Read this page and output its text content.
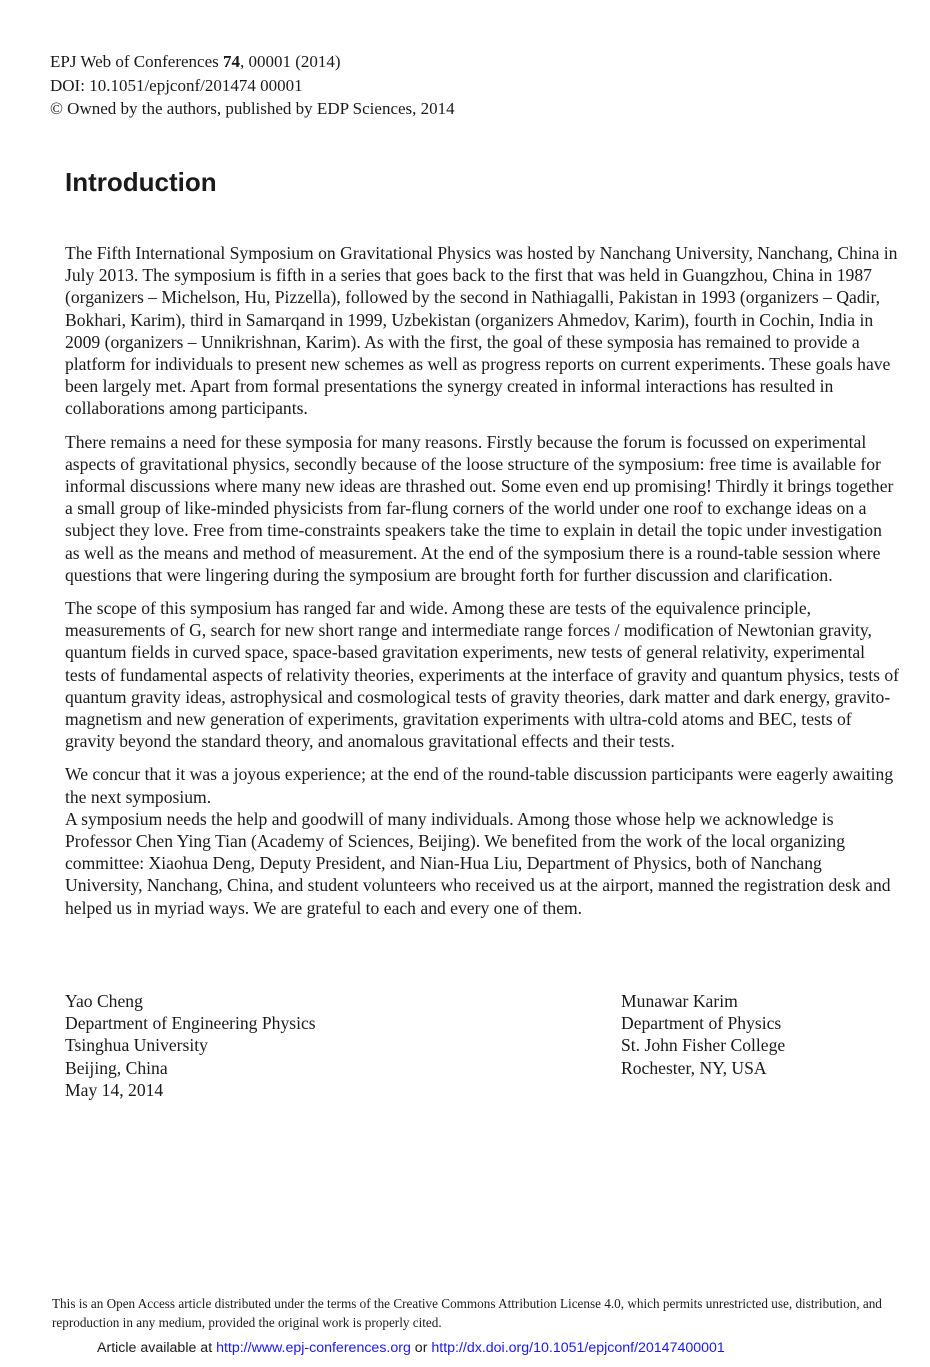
EPJ Web of Conferences 74, 00001 (2014)
DOI: 10.1051/epjconf/201474 00001
© Owned by the authors, published by EDP Sciences, 2014
Introduction

The Fifth International Symposium on Gravitational Physics was hosted by Nanchang University, Nanchang, China in July 2013. The symposium is fifth in a series that goes back to the first that was held in Guangzhou, China in 1987 (organizers – Michelson, Hu, Pizzella), followed by the second in Nathiagalli, Pakistan in 1993 (organizers – Qadir, Bokhari, Karim), third in Samarqand in 1999, Uzbekistan (organizers Ahmedov, Karim), fourth in Cochin, India in 2009 (organizers – Unnikrishnan, Karim). As with the first, the goal of these symposia has remained to provide a platform for individuals to present new schemes as well as progress reports on current experiments. These goals have been largely met. Apart from formal presentations the synergy created in informal interactions has resulted in collaborations among participants.

There remains a need for these symposia for many reasons. Firstly because the forum is focussed on experimental aspects of gravitational physics, secondly because of the loose structure of the symposium: free time is available for informal discussions where many new ideas are thrashed out. Some even end up promising! Thirdly it brings together a small group of like-minded physicists from far-flung corners of the world under one roof to exchange ideas on a subject they love. Free from time-constraints speakers take the time to explain in detail the topic under investigation as well as the means and method of measurement. At the end of the symposium there is a round-table session where questions that were lingering during the symposium are brought forth for further discussion and clarification.

The scope of this symposium has ranged far and wide. Among these are tests of the equivalence principle, measurements of G, search for new short range and intermediate range forces / modification of Newtonian gravity, quantum fields in curved space, space-based gravitation experiments, new tests of general relativity, experimental tests of fundamental aspects of relativity theories, experiments at the interface of gravity and quantum physics, tests of quantum gravity ideas, astrophysical and cosmological tests of gravity theories, dark matter and dark energy, gravito-magnetism and new generation of experiments, gravitation experiments with ultra-cold atoms and BEC, tests of gravity beyond the standard theory, and anomalous gravitational effects and their tests.

We concur that it was a joyous experience; at the end of the round-table discussion participants were eagerly awaiting the next symposium.

A symposium needs the help and goodwill of many individuals. Among those whose help we acknowledge is Professor Chen Ying Tian (Academy of Sciences, Beijing). We benefited from the work of the local organizing committee: Xiaohua Deng, Deputy President, and Nian-Hua Liu, Department of Physics, both of Nanchang University, Nanchang, China, and student volunteers who received us at the airport, manned the registration desk and helped us in myriad ways. We are grateful to each and every one of them.

Yao Cheng
Department of Engineering Physics
Tsinghua University
Beijing, China
May 14, 2014
Munawar Karim
Department of Physics
St. John Fisher College
Rochester, NY, USA
This is an Open Access article distributed under the terms of the Creative Commons Attribution License 4.0, which permits unrestricted use, distribution, and reproduction in any medium, provided the original work is properly cited.
Article available at http://www.epj-conferences.org or http://dx.doi.org/10.1051/epjconf/20147400001
